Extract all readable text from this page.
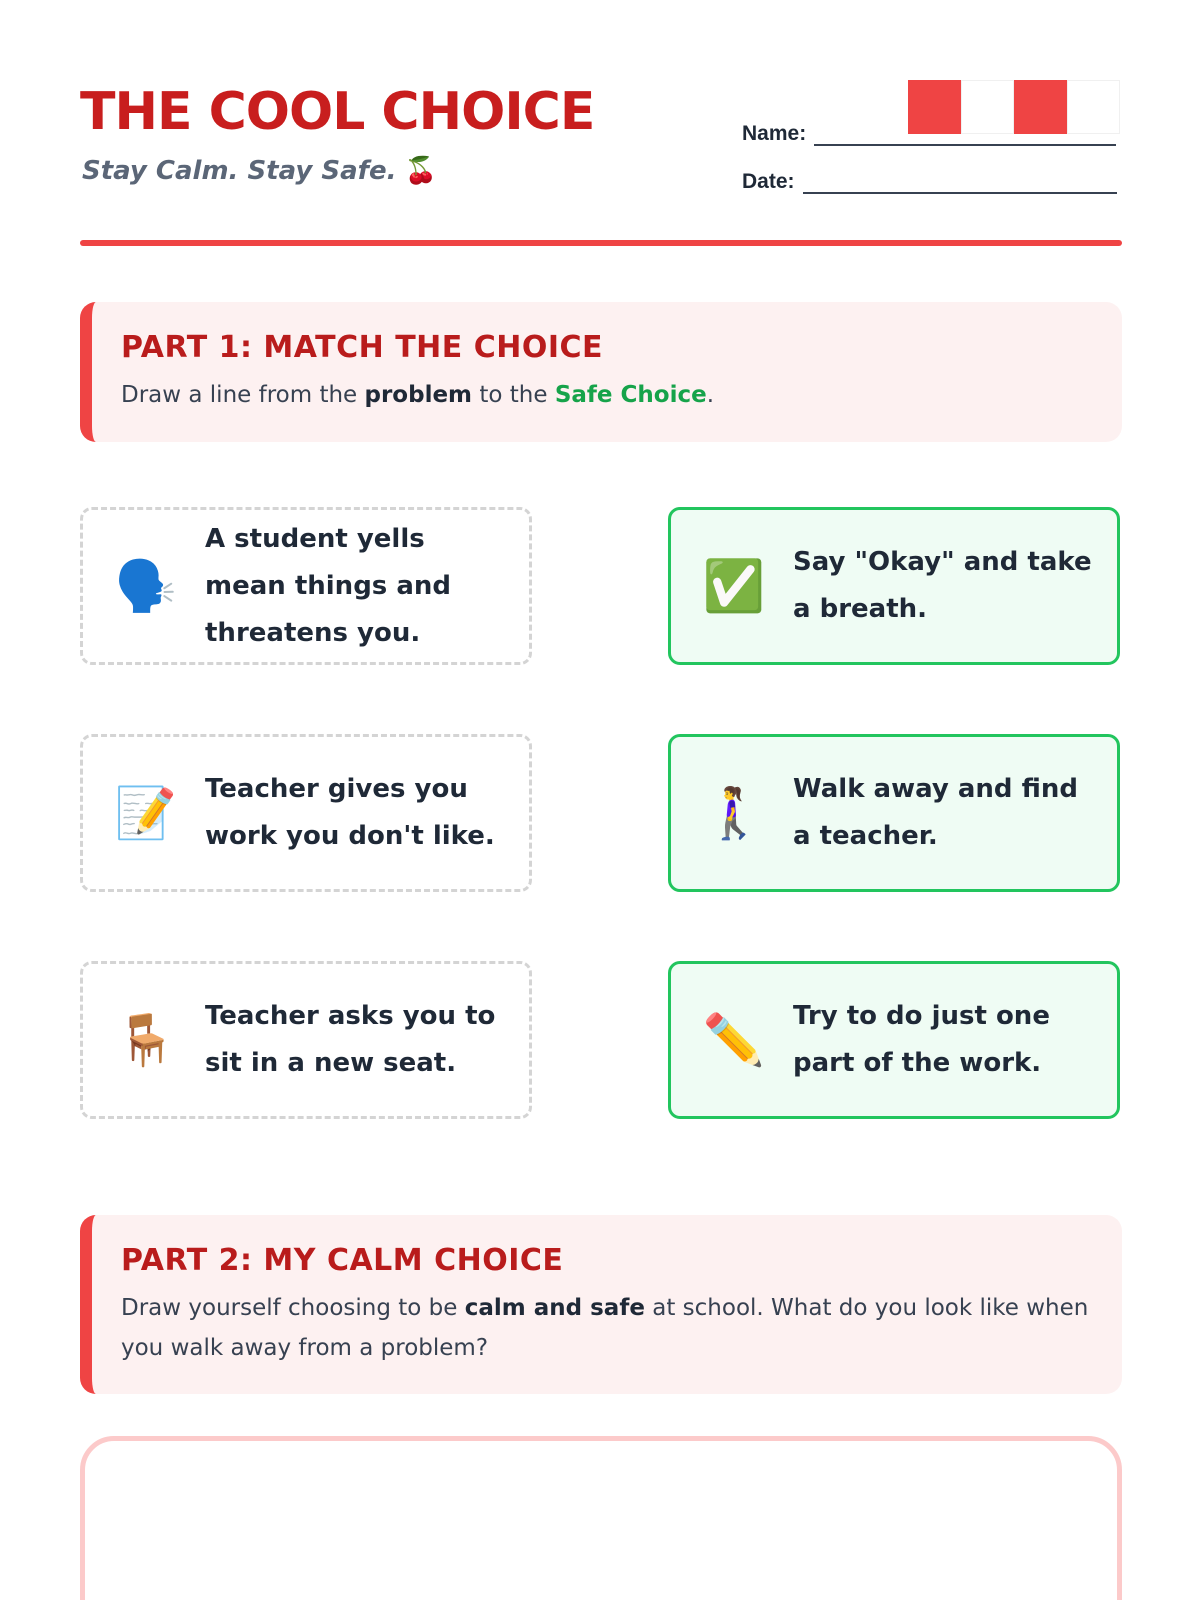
THE COOL CHOICE
Stay Calm. Stay Safe. 🍒
Name:
Date:
PART 1: MATCH THE CHOICE

Draw a line from the problem to the Safe Choice.

🗣️
A student yells mean things and threatens you.
📝 Teacher gives you work you don't like.
🪑 Teacher asks you to sit in a new seat.
✅ Say "Okay" and take a breath.
🚶‍♀️ Walk away and find a teacher.
✏️ Try to do just one part of the work.
PART 2: MY CALM CHOICE

Draw yourself choosing to be calm and safe at school. What do you look like when you walk away from a problem?
